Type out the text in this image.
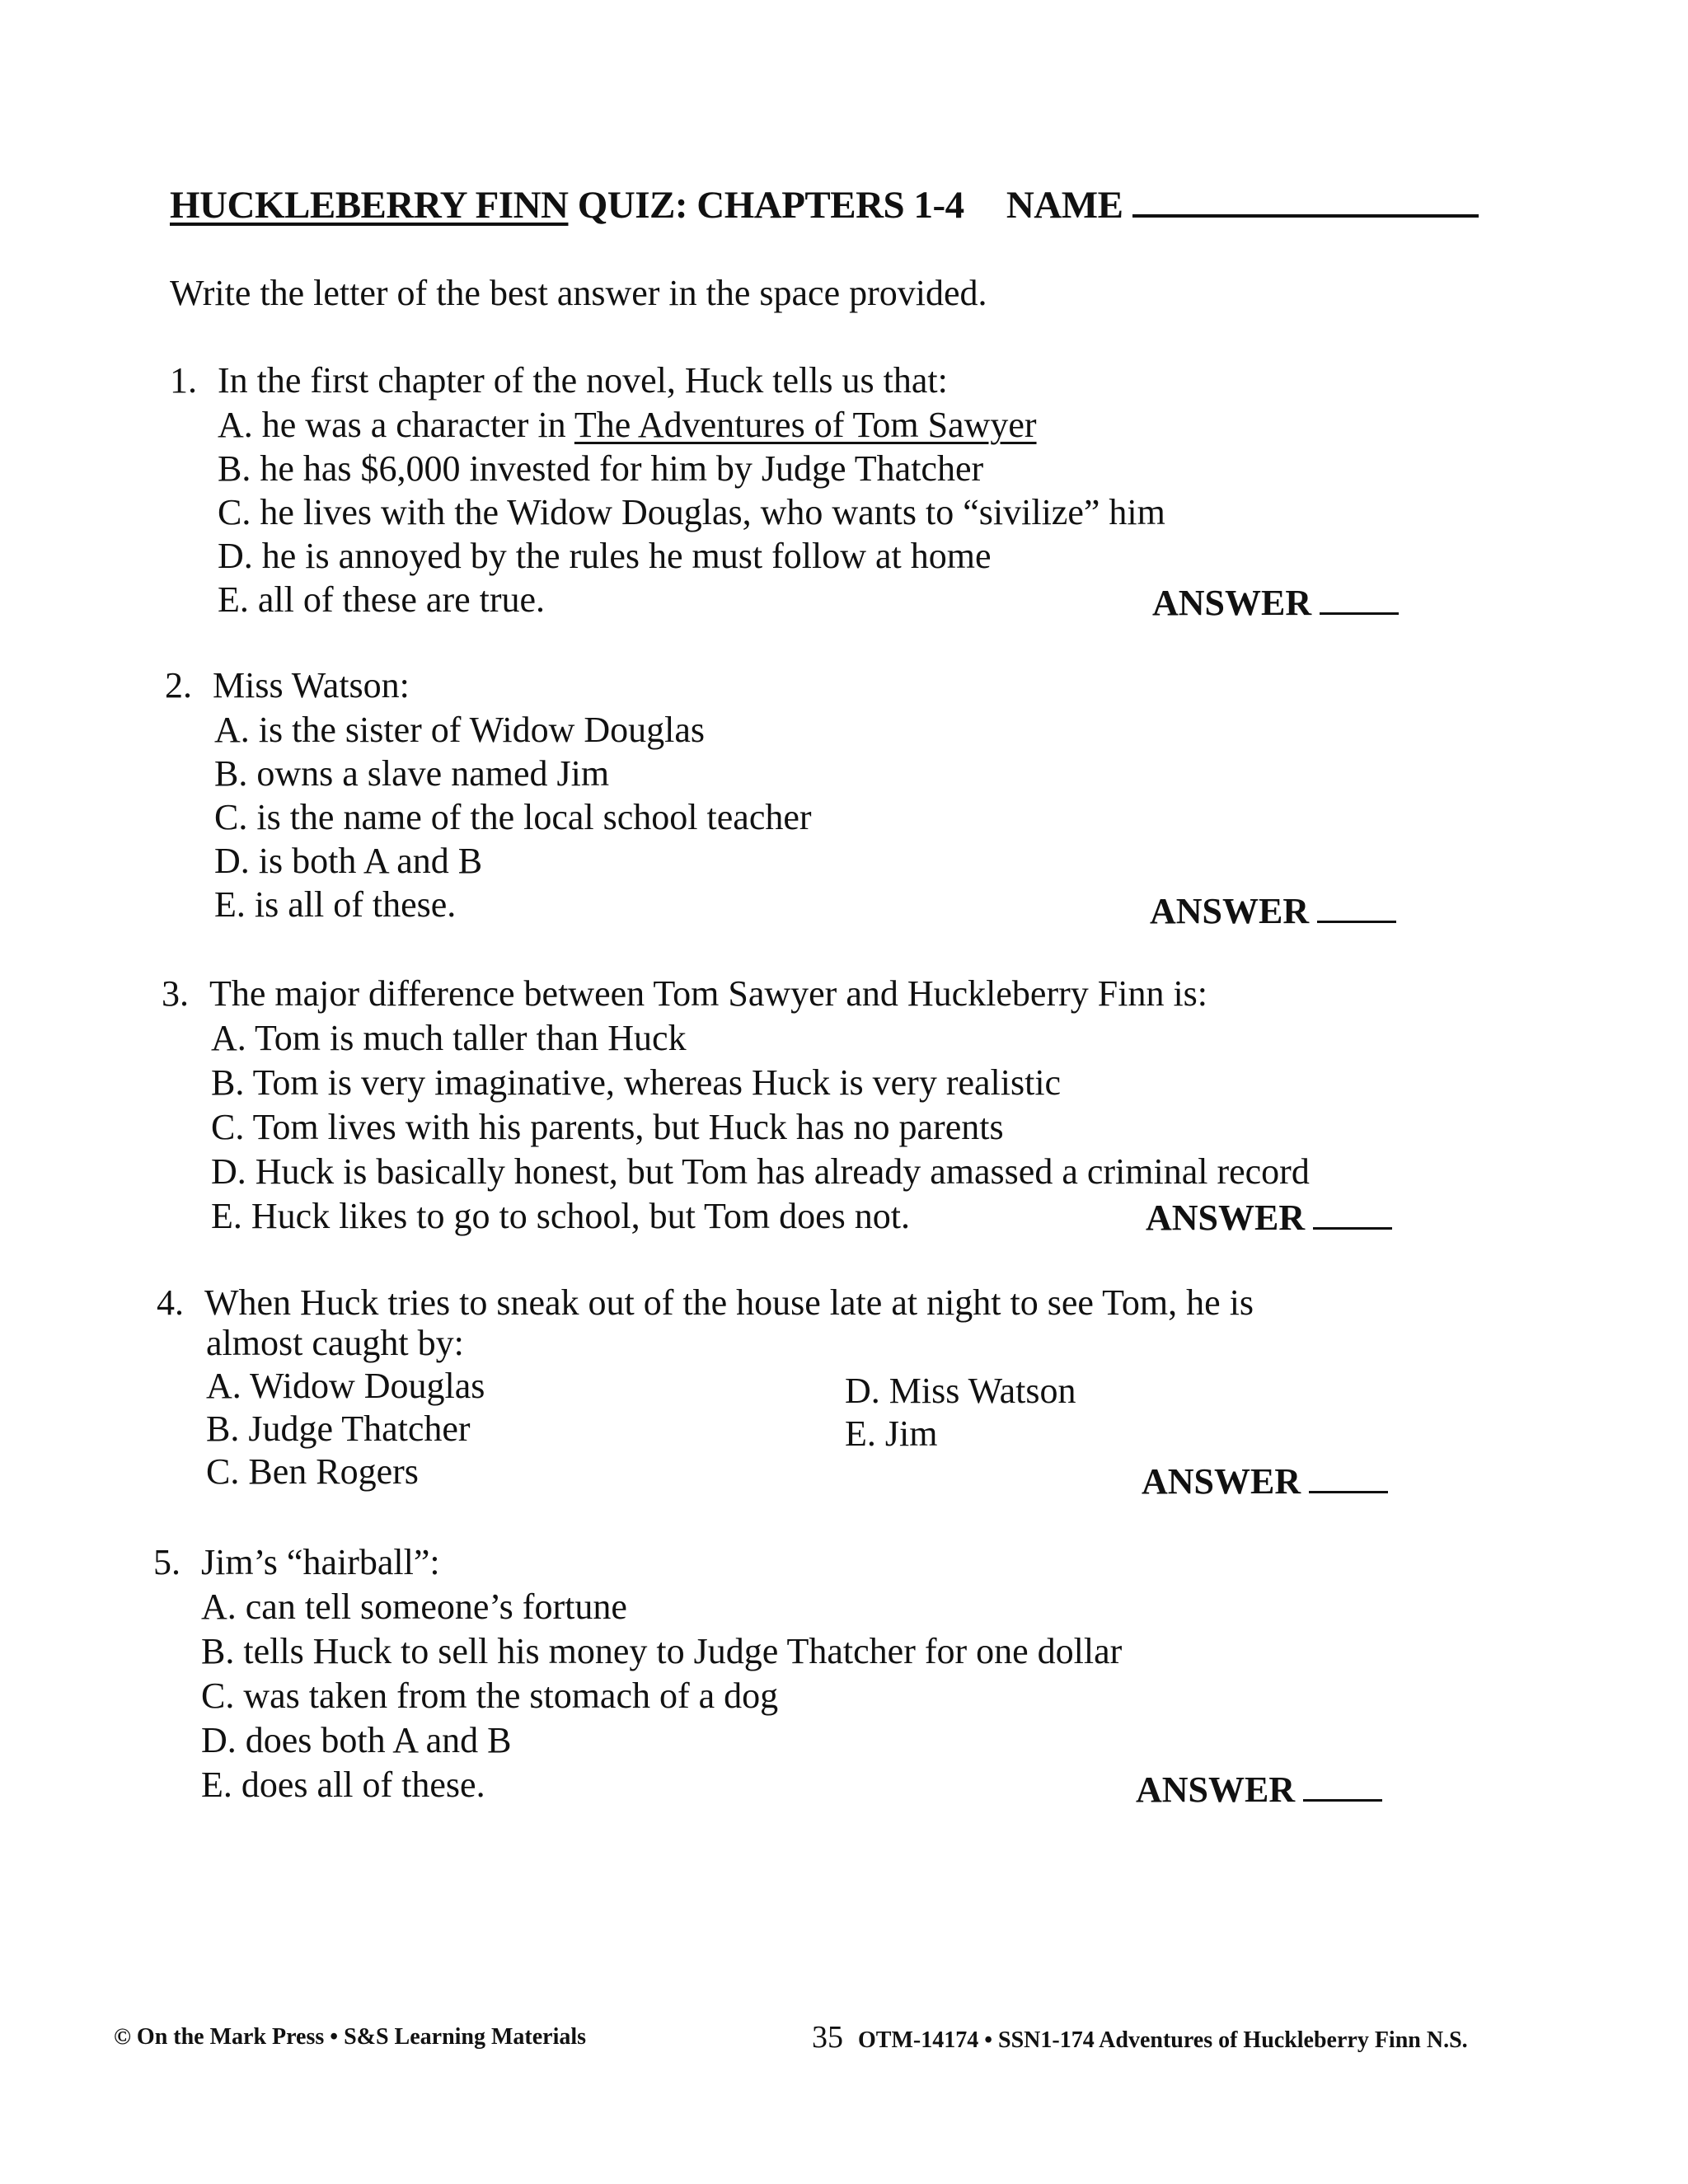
HUCKLEBERRY FINN QUIZ: CHAPTERS 1-4 NAME
Write the letter of the best answer in the space provided.
1. In the first chapter of the novel, Huck tells us that:
A. he was a character in The Adventures of Tom Sawyer
B. he has $6,000 invested for him by Judge Thatcher
C. he lives with the Widow Douglas, who wants to “sivilize” him
D. he is annoyed by the rules he must follow at home
E. all of these are true.	ANSWER
2. Miss Watson:
A. is the sister of Widow Douglas
B. owns a slave named Jim
C. is the name of the local school teacher
D. is both A and B
E. is all of these.	ANSWER
3. The major difference between Tom Sawyer and Huckleberry Finn is:
A. Tom is much taller than Huck
B. Tom is very imaginative, whereas Huck is very realistic
C. Tom lives with his parents, but Huck has no parents
D. Huck is basically honest, but Tom has already amassed a criminal record
E. Huck likes to go to school, but Tom does not.	ANSWER
4. When Huck tries to sneak out of the house late at night to see Tom, he is
almost caught by:
A. Widow Douglas
B. Judge Thatcher
C. Ben Rogers
D. Miss Watson
E. Jim
ANSWER
5. Jim’s “hairball”:
A. can tell someone’s fortune
B. tells Huck to sell his money to Judge Thatcher for one dollar
C. was taken from the stomach of a dog
D. does both A and B
E. does all of these.	ANSWER
© On the Mark Press • S&S Learning Materials	35 OTM-14174 • SSN1-174 Adventures of Huckleberry Finn N.S.
